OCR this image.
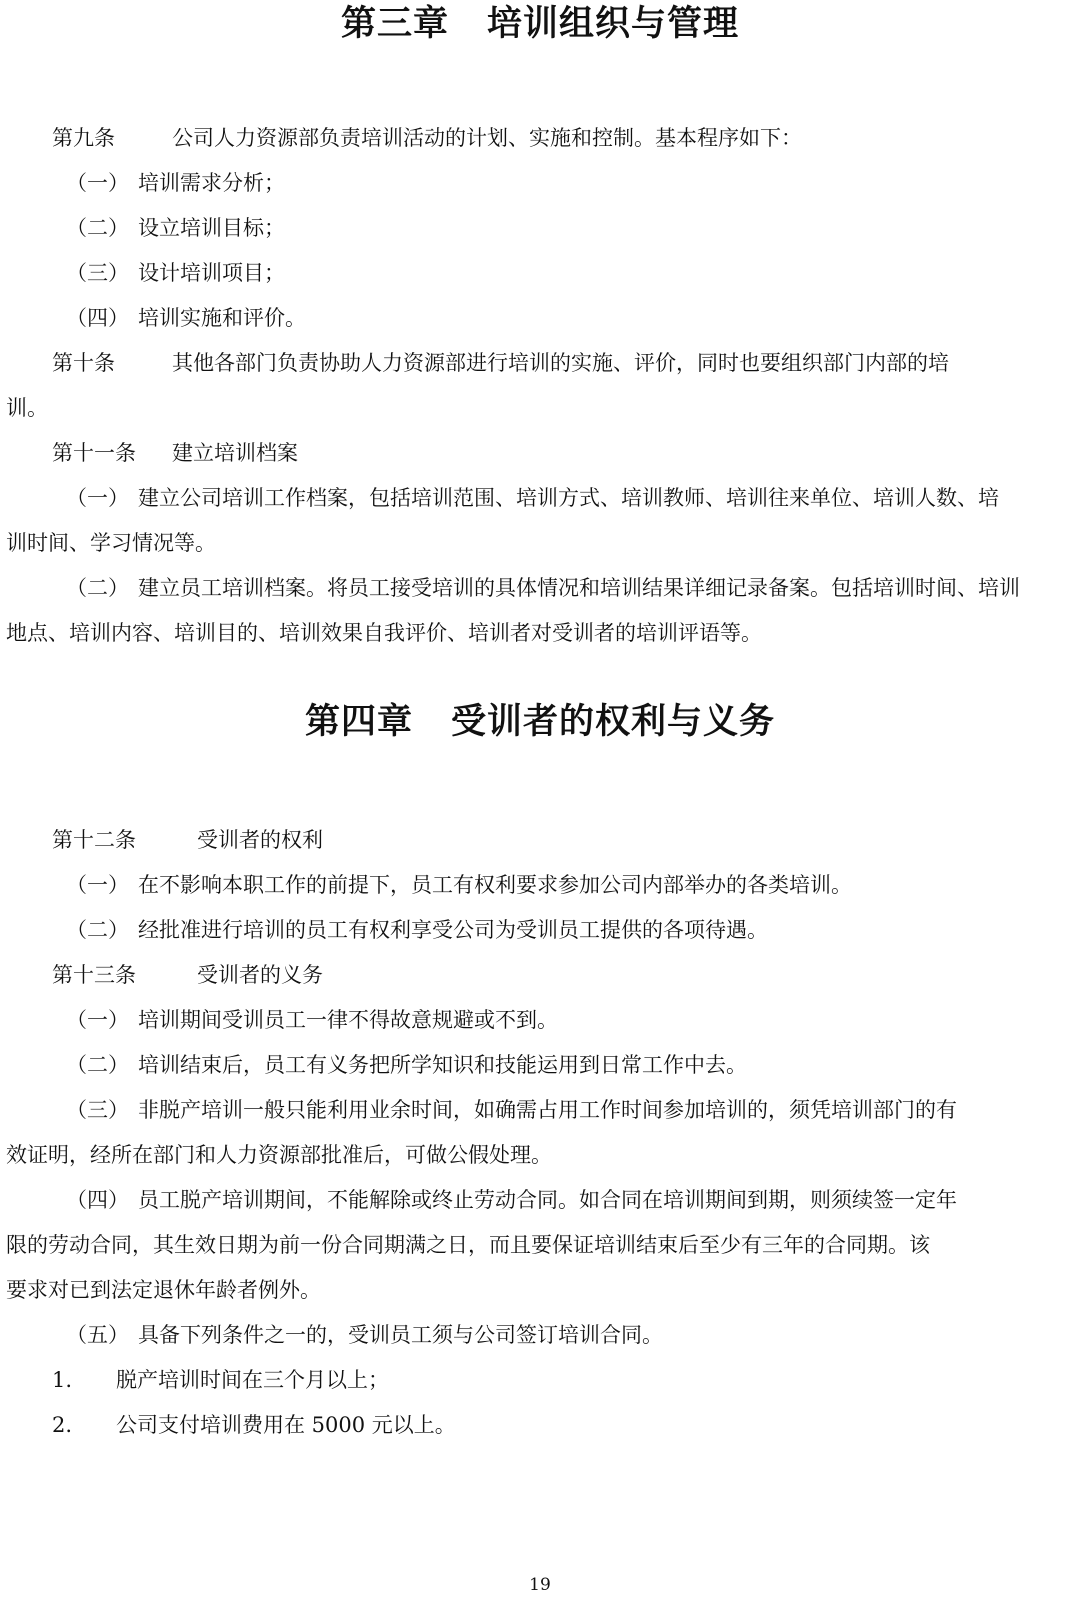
第三章 培训组织与管理

第九条	公司人力资源部负责培训活动的计划、实施和控制。基本程序如下：

（一） 培训需求分析；

（二） 设立培训目标；

（三） 设计培训项目；

（四） 培训实施和评价。

第十条	其他各部门负责协助人力资源部进行培训的实施、评价，同时也要组织部门内部的培

训。

第十一条 建立培训档案

（一） 建立公司培训工作档案，包括培训范围、培训方式、培训教师、培训往来单位、培训人数、培

训时间、学习情况等。

（二） 建立员工培训档案。将员工接受培训的具体情况和培训结果详细记录备案。包括培训时间、培训

地点、培训内容、培训目的、培训效果自我评价、培训者对受训者的培训评语等。

第四章 受训者的权利与义务

第十二条	受训者的权利

（一） 在不影响本职工作的前提下，员工有权利要求参加公司内部举办的各类培训。

（二） 经批准进行培训的员工有权利享受公司为受训员工提供的各项待遇。

第十三条	受训者的义务

（一） 培训期间受训员工一律不得故意规避或不到。

（二） 培训结束后，员工有义务把所学知识和技能运用到日常工作中去。

（三） 非脱产培训一般只能利用业余时间，如确需占用工作时间参加培训的，须凭培训部门的有

效证明，经所在部门和人力资源部批准后，可做公假处理。

（四） 员工脱产培训期间，不能解除或终止劳动合同。如合同在培训期间到期，则须续签一定年

限的劳动合同，其生效日期为前一份合同期满之日，而且要保证培训结束后至少有三年的合同期。该

要求对已到法定退休年龄者例外。

（五） 具备下列条件之一的，受训员工须与公司签订培训合同。

1. 脱产培训时间在三个月以上；

2. 公司支付培训费用在 5000 元以上。

19
